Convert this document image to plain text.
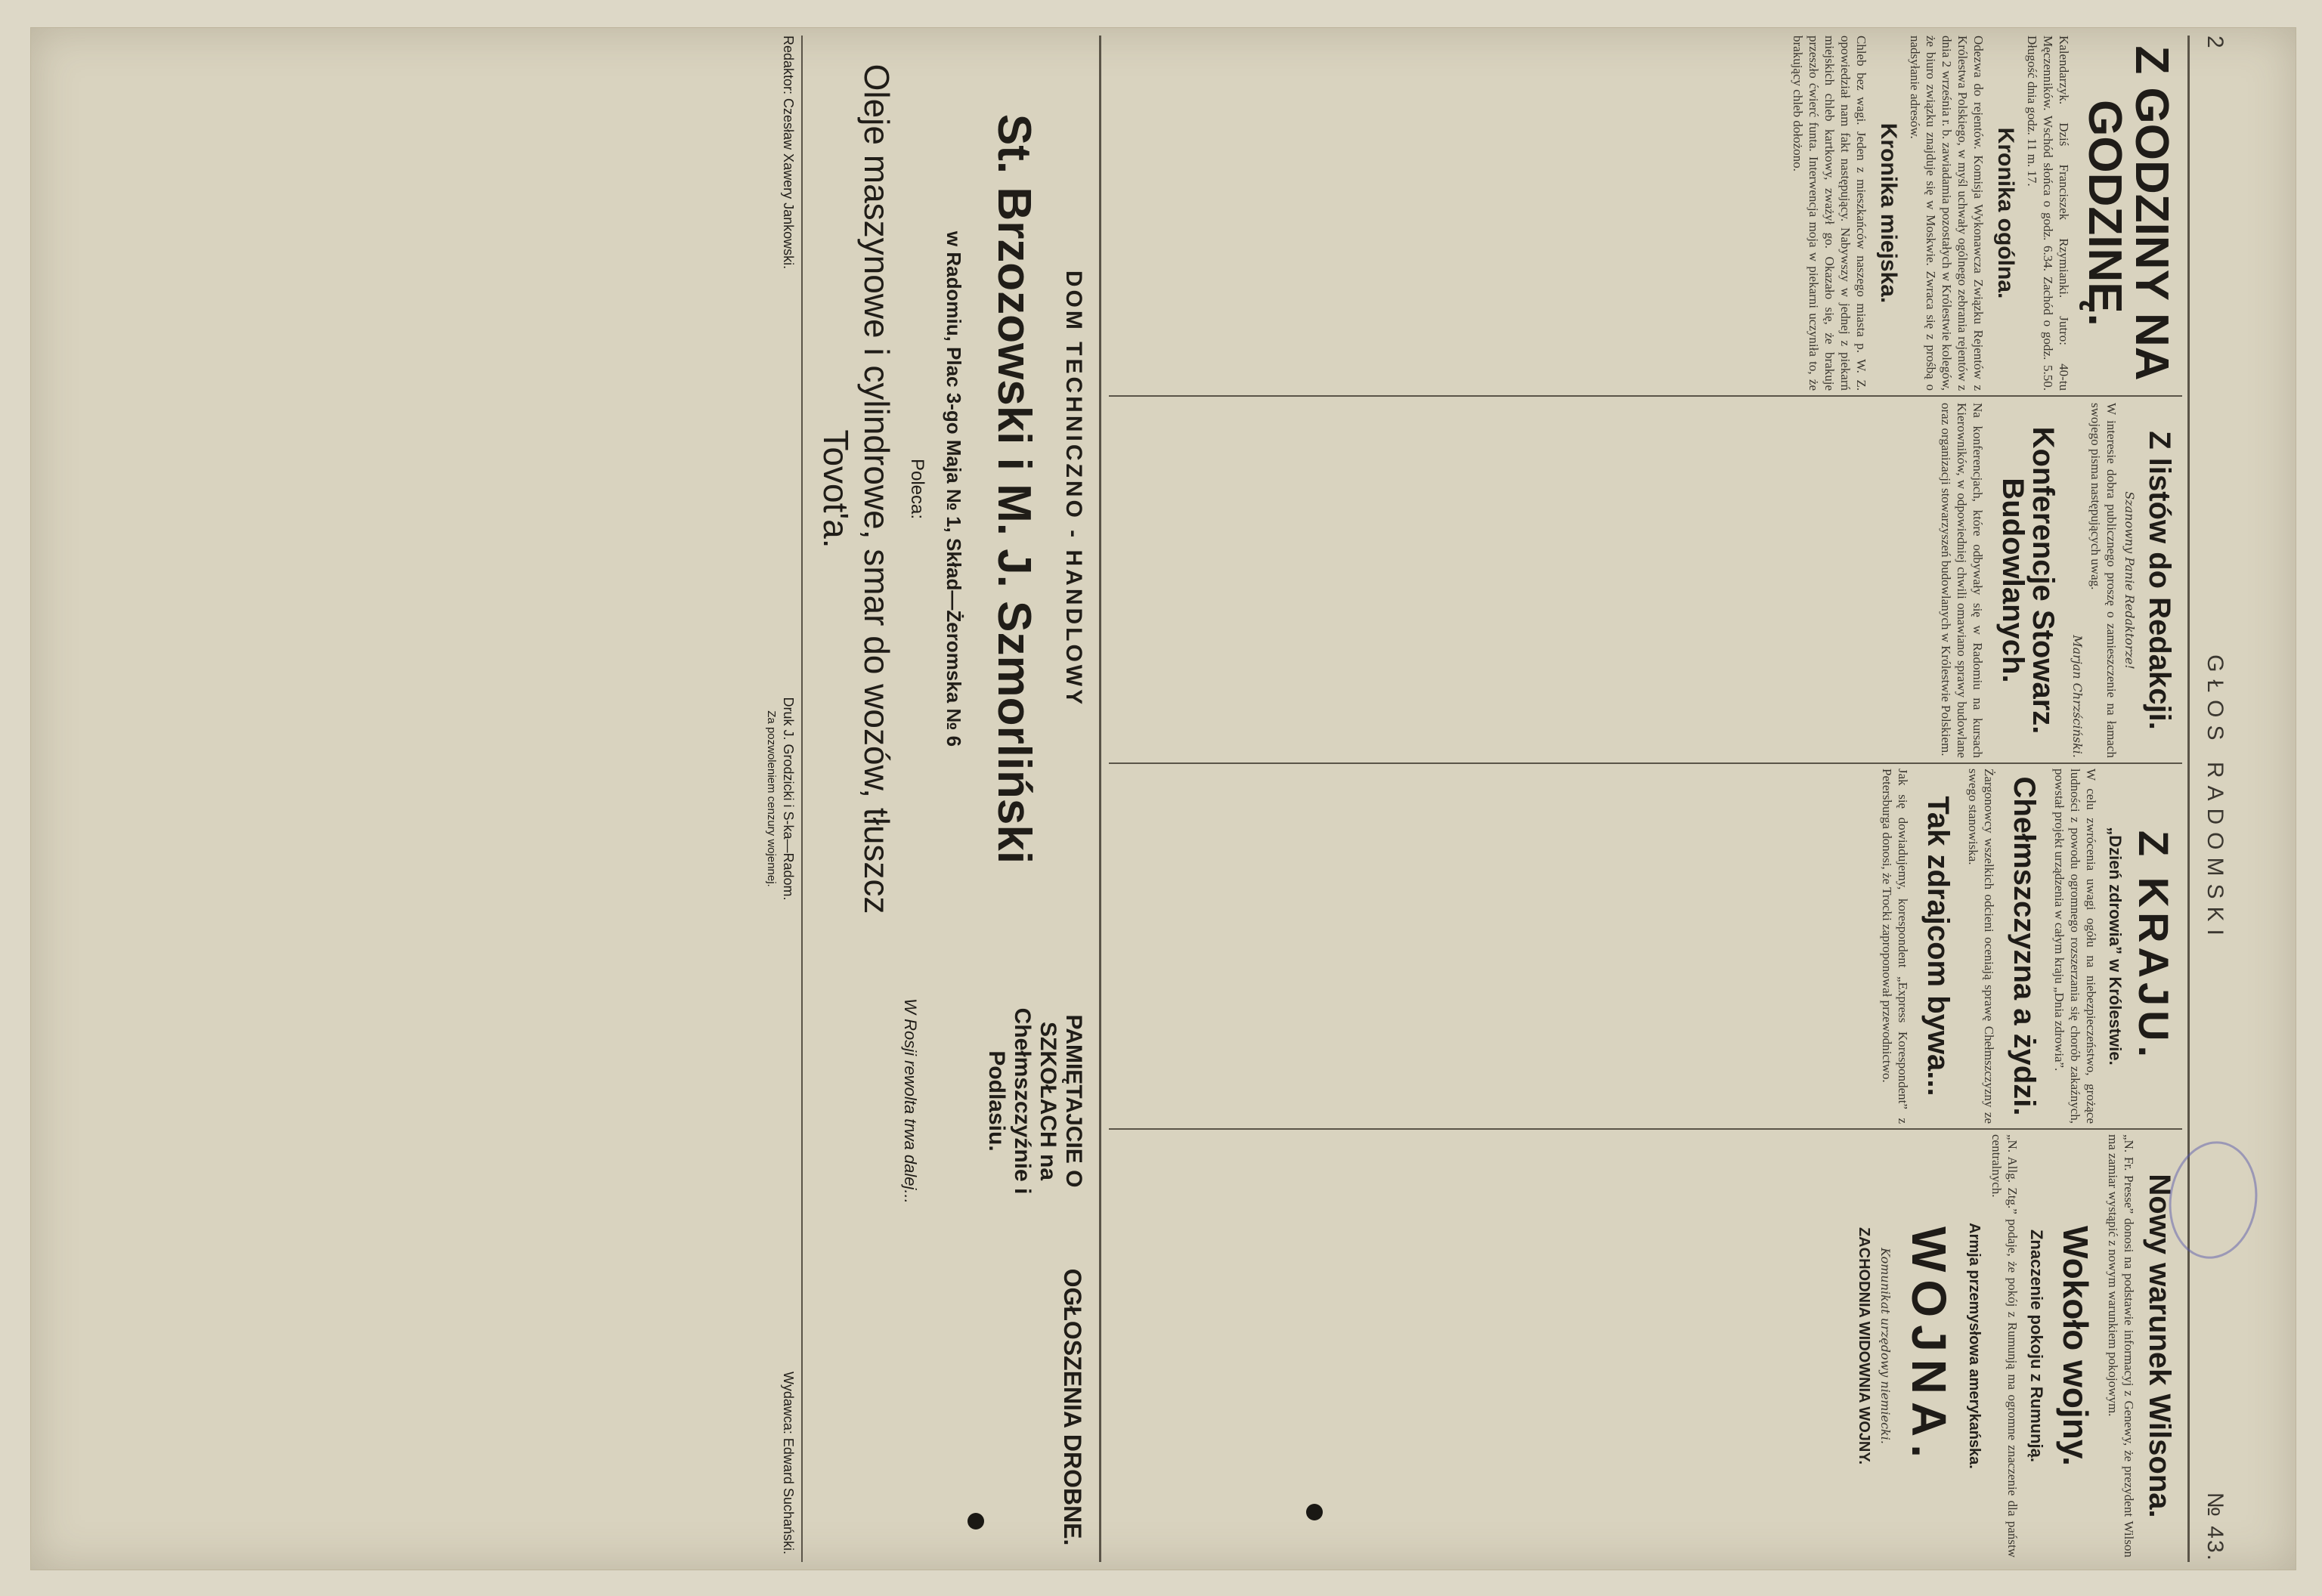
2
GŁOS RADOMSKI
№ 43.
Z GODZINY NA GODZINĘ.
Kalendarzyk. Dziś Franciszek Rzymianki. Jutro: 40-tu Męczenników. Wschód słońca o godz. 6.34. Zachód o godz. 5.50. Długość dnia godz. 11 m. 17.
Kronika ogólna.
Odezwa do rejentów. Komisja Wykonawcza Związku Rejentów z Królestwa Polskiego, w myśl uchwały ogólnego zebrania rejentów z dnia 2 września r. b. zawiadamia pozostałych w Królestwie kolegów, że biuro związku znajduje się w Moskwie. Zwraca się z prośbą o nadsyłanie adresów.
Kronika miejska.
Chleb bez wagi. Jeden z mieszkańców naszego miasta p. W. Z. opowiedział nam fakt następujący. Nabywszy w jednej z piekarń miejskich chleb kartkowy, zważył go. Okazało się, że brakuje przeszło ćwierć funta. Interwencja moja w piekarni uczyniła to, że brakujący chleb dołożono.
Z listów do Redakcji.
Szanowny Panie Redaktorze!
W interesie dobra publicznego proszę o zamieszczenie na łamach swojego pisma następujących uwag.
Marjan Chrzściński.
Konferencje Stowarz. Budowlanych.
Na konferencjach, które odbywały się w Radomiu na kursach Kierowników, w odpowiedniej chwili omawiano sprawy budowlane oraz organizacji stowarzyszeń budowlanych w Królestwie Polskiem.
Z KRAJU.
„Dzień zdrowia” w Królestwie.
W celu zwrócenia uwagi ogółu na niebezpieczeństwo, grożące ludności z powodu ogromnego rozszerzania się chorób zakaźnych, powstał projekt urządzenia w całym kraju „Dnia zdrowia”.
Chełmszczyzna a żydzi.
Żargonowcy wszelkich odcieni oceniają sprawę Chełmszczyzny ze swego stanowiska.
Tak zdrajcom bywa...
Jak się dowiadujemy, korespondent „Express Korespondent” z Petersburga donosi, że Trocki zaproponował przewodnictwo.
Nowy warunek Wilsona.
„N. Fr. Presse” donosi na podstawie informacyj z Genewy, że prezydent Wilson ma zamiar wystąpić z nowym warunkiem pokojowym.
Wokoło wojny.
Znaczenie pokoju z Rumunją.
„N. Allg. Ztg.” podaje, że pokój z Rumunją ma ogromne znaczenie dla państw centralnych.
Armja przemysłowa amerykańska.
WOJNA.
Komunikat urzędowy niemiecki.
ZACHODNIA WIDOWNIA WOJNY.
DOM TECHNICZNO - HANDLOWY
St. Brzozowski i M. J. Szmorliński
w Radomiu, Plac 3-go Maja № 1, Skład—Żeromska № 6
Poleca:
Oleje maszynowe i cylindrowe, smar do wozów, tłuszcz Tovot'a.
PAMIĘTAJCIE O SZKOŁACH na Chełmszczyźnie i Podlasiu.
OGŁOSZENIA DROBNE.
W Rosji rewolta trwa dalej...
Redaktor: Czesław Xawery Jankowski.
Druk J. Grodzicki i S-ka—Radom.
Za pozwoleniem cenzury wojennej.
Wydawca: Edward Suchański.
